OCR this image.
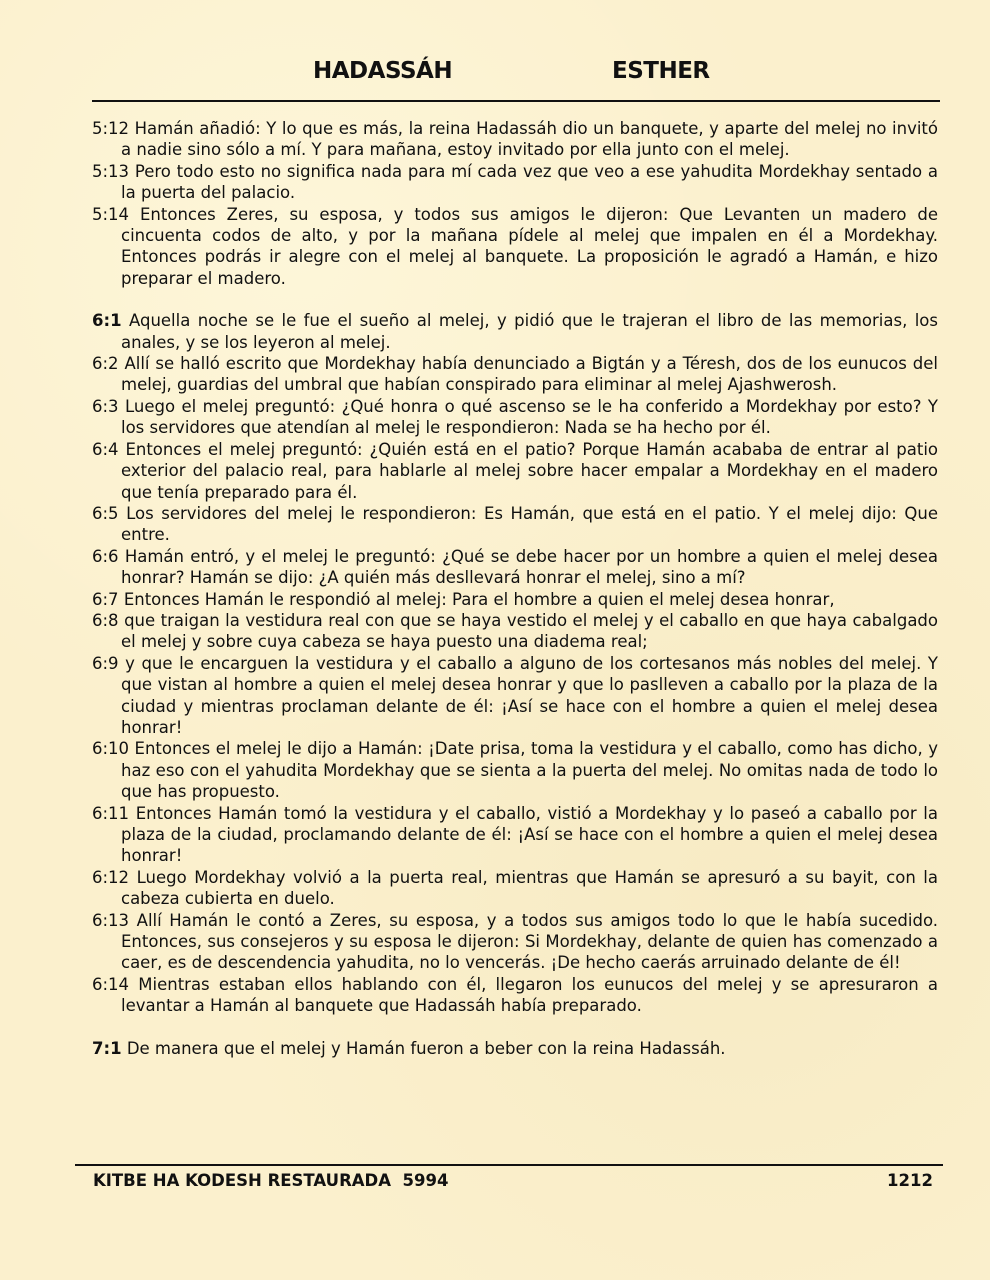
HADASSÁH	ESTHER

5:12 Hamán añadió: Y lo que es más, la reina Hadassáh dio un banquete, y aparte del melej no invitó a nadie sino sólo a mí. Y para mañana, estoy invitado por ella junto con el melej.

5:13 Pero todo esto no significa nada para mí cada vez que veo a ese yahudita Mordekhay sentado a la puerta del palacio.

5:14 Entonces Zeres, su esposa, y todos sus amigos le dijeron: Que Levanten un madero de cincuenta codos de alto, y por la mañana pídele al melej que impalen en él a Mordekhay. Entonces podrás ir alegre con el melej al banquete. La proposición le agradó a Hamán, e hizo preparar el madero.

6:1 Aquella noche se le fue el sueño al melej, y pidió que le trajeran el libro de las memorias, los anales, y se los leyeron al melej.

6:2 Allí se halló escrito que Mordekhay había denunciado a Bigtán y a Téresh, dos de los eunucos del melej, guardias del umbral que habían conspirado para eliminar al melej Ajashwerosh.

6:3 Luego el melej preguntó: ¿Qué honra o qué ascenso se le ha conferido a Mordekhay por esto? Y los servidores que atendían al melej le respondieron: Nada se ha hecho por él.

6:4 Entonces el melej preguntó: ¿Quién está en el patio? Porque Hamán acababa de entrar al patio exterior del palacio real, para hablarle al melej sobre hacer empalar a Mordekhay en el madero que tenía preparado para él.

6:5 Los servidores del melej le respondieron: Es Hamán, que está en el patio. Y el melej dijo: Que entre.

6:6 Hamán entró, y el melej le preguntó: ¿Qué se debe hacer por un hombre a quien el melej desea honrar? Hamán se dijo: ¿A quién más desllevará honrar el melej, sino a mí?

6:7 Entonces Hamán le respondió al melej: Para el hombre a quien el melej desea honrar,

6:8 que traigan la vestidura real con que se haya vestido el melej y el caballo en que haya cabalgado el melej y sobre cuya cabeza se haya puesto una diadema real;

6:9 y que le encarguen la vestidura y el caballo a alguno de los cortesanos más nobles del melej. Y que vistan al hombre a quien el melej desea honrar y que lo paslleven a caballo por la plaza de la ciudad y mientras proclaman delante de él: ¡Así se hace con el hombre a quien el melej desea honrar!

6:10 Entonces el melej le dijo a Hamán: ¡Date prisa, toma la vestidura y el caballo, como has dicho, y haz eso con el yahudita Mordekhay que se sienta a la puerta del melej. No omitas nada de todo lo que has propuesto.

6:11 Entonces Hamán tomó la vestidura y el caballo, vistió a Mordekhay y lo paseó a caballo por la plaza de la ciudad, proclamando delante de él: ¡Así se hace con el hombre a quien el melej desea honrar!

6:12 Luego Mordekhay volvió a la puerta real, mientras que Hamán se apresuró a su bayit, con la cabeza cubierta en duelo.

6:13 Allí Hamán le contó a Zeres, su esposa, y a todos sus amigos todo lo que le había sucedido. Entonces, sus consejeros y su esposa le dijeron: Si Mordekhay, delante de quien has comenzado a caer, es de descendencia yahudita, no lo vencerás. ¡De hecho caerás arruinado delante de él!

6:14 Mientras estaban ellos hablando con él, llegaron los eunucos del melej y se apresuraron a levantar a Hamán al banquete que Hadassáh había preparado.

7:1 De manera que el melej y Hamán fueron a beber con la reina Hadassáh.

KITBE HA KODESH RESTAURADA  5994	1212
